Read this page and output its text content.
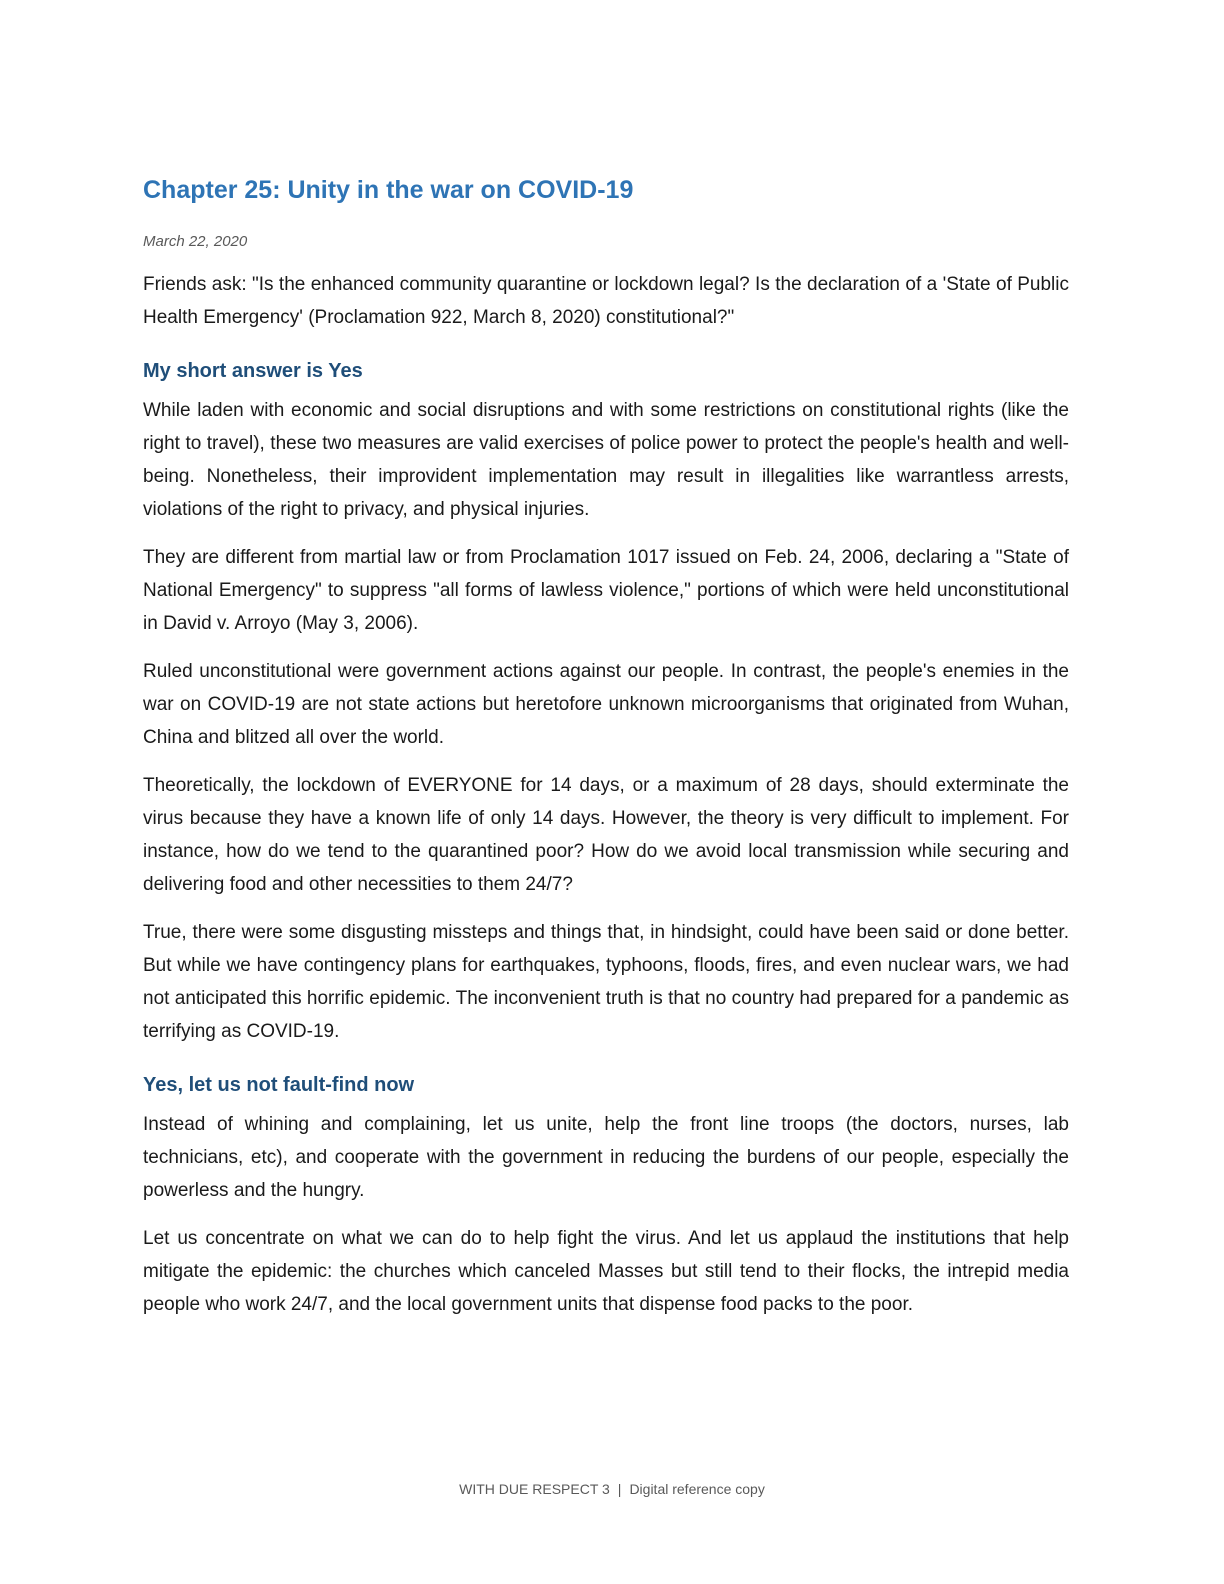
Chapter 25: Unity in the war on COVID-19
March 22, 2020

Friends ask: "Is the enhanced community quarantine or lockdown legal? Is the declaration of a 'State of Public Health Emergency' (Proclamation 922, March 8, 2020) constitutional?"

My short answer is Yes

While laden with economic and social disruptions and with some restrictions on constitutional rights (like the right to travel), these two measures are valid exercises of police power to protect the people's health and well-being. Nonetheless, their improvident implementation may result in illegalities like warrantless arrests, violations of the right to privacy, and physical injuries.

They are different from martial law or from Proclamation 1017 issued on Feb. 24, 2006, declaring a "State of National Emergency" to suppress "all forms of lawless violence," portions of which were held unconstitutional in David v. Arroyo (May 3, 2006).

Ruled unconstitutional were government actions against our people. In contrast, the people's enemies in the war on COVID-19 are not state actions but heretofore unknown microorganisms that originated from Wuhan, China and blitzed all over the world.

Theoretically, the lockdown of EVERYONE for 14 days, or a maximum of 28 days, should exterminate the virus because they have a known life of only 14 days. However, the theory is very difficult to implement. For instance, how do we tend to the quarantined poor? How do we avoid local transmission while securing and delivering food and other necessities to them 24/7?

True, there were some disgusting missteps and things that, in hindsight, could have been said or done better. But while we have contingency plans for earthquakes, typhoons, floods, fires, and even nuclear wars, we had not anticipated this horrific epidemic. The inconvenient truth is that no country had prepared for a pandemic as terrifying as COVID-19.

Yes, let us not fault-find now

Instead of whining and complaining, let us unite, help the front line troops (the doctors, nurses, lab technicians, etc), and cooperate with the government in reducing the burdens of our people, especially the powerless and the hungry.

Let us concentrate on what we can do to help fight the virus. And let us applaud the institutions that help mitigate the epidemic: the churches which canceled Masses but still tend to their flocks, the intrepid media people who work 24/7, and the local government units that dispense food packs to the poor.

WITH DUE RESPECT 3 | Digital reference copy
